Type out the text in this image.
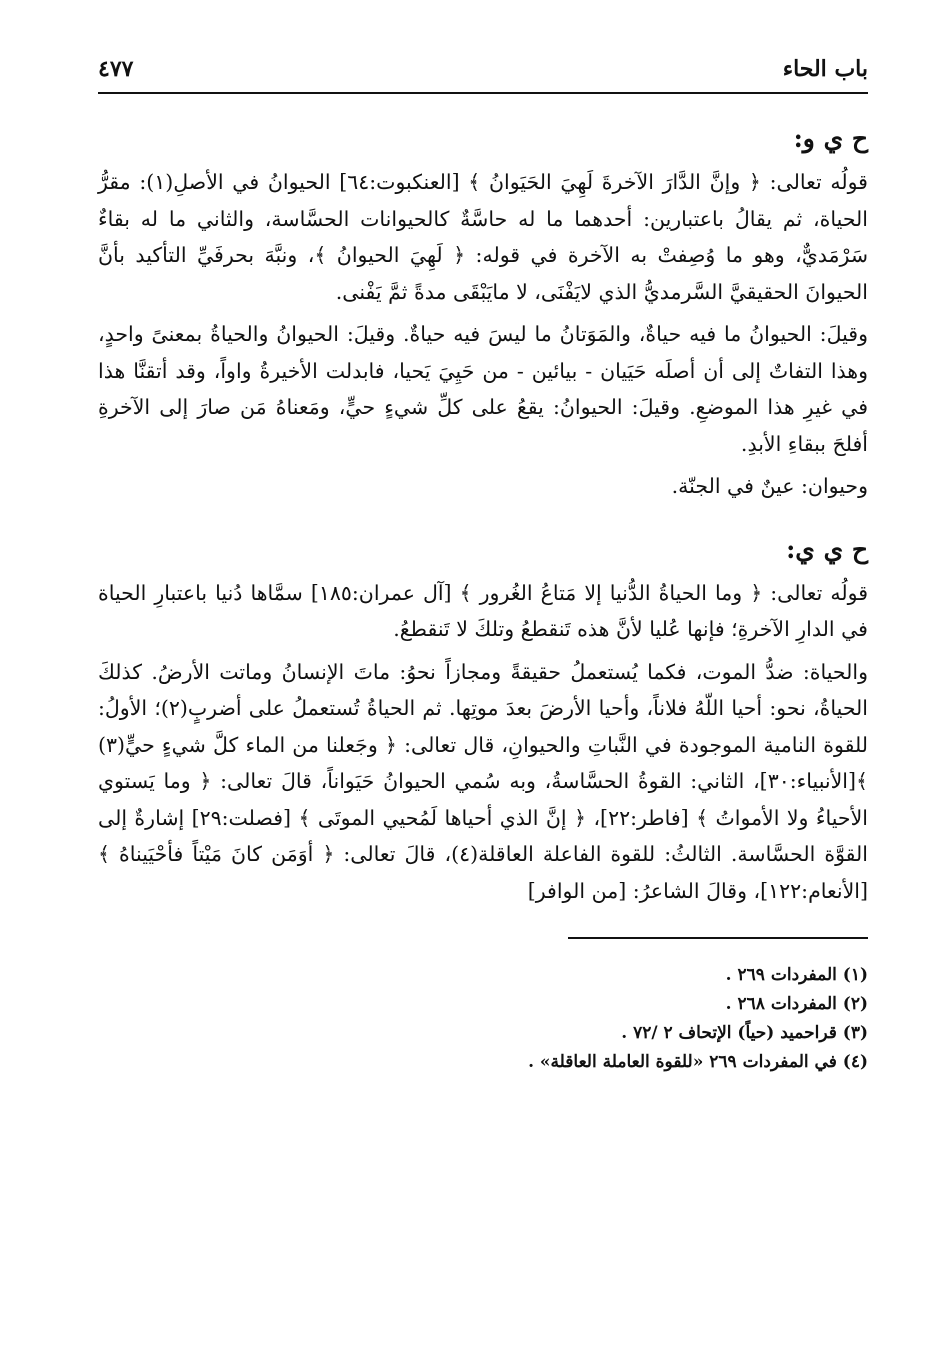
باب الحاء
٤٧٧
ح ي و:

قولُه تعالى: ﴿ وإنَّ الدَّارَ الآخرةَ لَهِيَ الحَيَوانُ ﴾ [العنكبوت:٦٤] الحيوانُ في الأصلِ(١): مقرُّ الحياة، ثم يقالُ باعتبارين: أحدهما ما له حاسَّةٌ كالحيوانات الحسَّاسة، والثاني ما له بقاءٌ سَرْمَديٌّ، وهو ما وُصِفتْ به الآخرة في قوله: ﴿ لَهِيَ الحيوانُ ﴾، ونبَّهَ بحرفَيِّ التأكيد بأنَّ الحيوانَ الحقيقيَّ السَّرمديُّ الذي لايَفْنَى، لا مايَبْقَى مدةً ثمَّ يَفْنى.

وقيلَ: الحيوانُ ما فيه حياةٌ، والمَوَتانُ ما ليسَ فيه حياةٌ. وقيلَ: الحيوانُ والحياةُ بمعنىً واحدٍ، وهذا التفاتٌ إلى أن أصلَه حَيَيان - بيائين - من حَيِيَ يَحيا، فابدلت الأخيرةُ واواً، وقد أتقنَّا هذا في غيرِ هذا الموضعِ. وقيلَ: الحيوانُ: يقعُ على كلِّ شيءٍ حيٍّ، ومَعناهُ مَن صارَ إلى الآخرةِ أفلحَ ببقاءِ الأبدِ.

وحيوان: عينٌ في الجنّة.

ح ي ي:

قولُه تعالى: ﴿ وما الحياةُ الدُّنيا إلا مَتاعُ الغُرور ﴾ [آل عمران:١٨٥] سمَّاها دُنيا باعتبارِ الحياة في الدارِ الآخرةِ؛ فإنها عُليا لأنَّ هذه تَنقطعُ وتلكَ لا تَنقطعُ.

والحياة: ضدُّ الموت، فكما يُستعملُ حقيقةً ومجازاً نحوُ: ماتَ الإنسانُ وماتت الأرضُ. كذلكَ الحياةُ، نحو: أحيا اللّهُ فلاناً، وأحيا الأرضَ بعدَ موتِها. ثم الحياةُ تُستعملُ على أضربٍ(٢)؛ الأولُ: للقوة النامية الموجودة في النَّباتِ والحيوانِ، قال تعالى: ﴿ وجَعلنا من الماء كلَّ شيءٍ حيٍّ(٣) ﴾[الأنبياء:٣٠]، الثاني: القوةُ الحسَّاسةُ، وبه سُمي الحيوانُ حَيَواناً، قالَ تعالى: ﴿ وما يَستوي الأحياءُ ولا الأمواتُ ﴾ [فاطر:٢٢]، ﴿ إنَّ الذي أحياها لَمُحيي الموتَى ﴾ [فصلت:٢٩] إشارةٌ إلى القوَّة الحسَّاسة. الثالثُ: للقوة الفاعلة العاقلة(٤)، قالَ تعالى: ﴿ أوَمَن كانَ مَيْتاً فأحْيَيناهُ ﴾ [الأنعام:١٢٢]، وقالَ الشاعرُ: [من الوافر]

(١) المفردات ٢٦٩ .
(٢) المفردات ٢٦٨ .
(٣) قراحميد (حياً) الإتحاف ٢ /٧٢ .
(٤) في المفردات ٢٦٩ «للقوة العاملة العاقلة» .
